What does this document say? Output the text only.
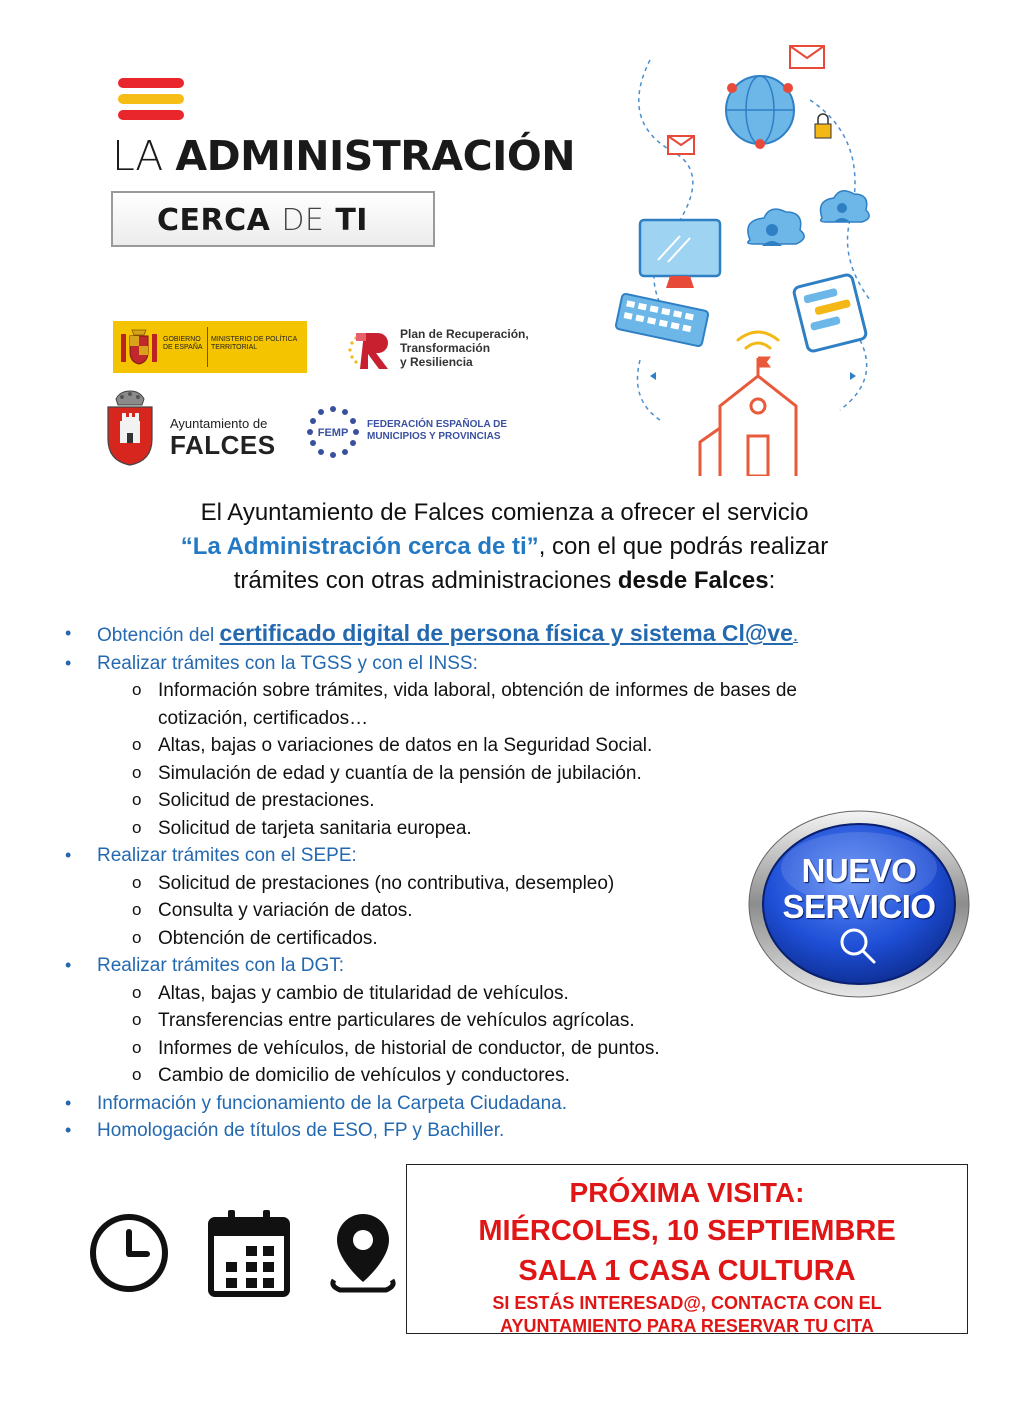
LA ADMINISTRACIÓN
CERCA DE TI
GOBIERNO DE ESPAÑA
MINISTERIO DE POLÍTICA TERRITORIAL
Plan de Recuperación,
Transformación
y Resiliencia
Ayuntamiento de
FALCES	FEMP
FEDERACIÓN ESPAÑOLA DE
MUNICIPIOS Y PROVINCIAS
El Ayuntamiento de Falces comienza a ofrecer el servicio
“La Administración cerca de ti”, con el que podrás realizar
trámites con otras administraciones desde Falces:
• Obtención del certificado digital de persona física y sistema Cl@ve.
• Realizar trámites con la TGSS y con el INSS:
o Información sobre trámites, vida laboral, obtención de informes de bases de cotización, certificados…
o Altas, bajas o variaciones de datos en la Seguridad Social.
o Simulación de edad y cuantía de la pensión de jubilación.
o Solicitud de prestaciones.
o Solicitud de tarjeta sanitaria europea.
• Realizar trámites con el SEPE:
o Solicitud de prestaciones (no contributiva, desempleo)
o Consulta y variación de datos.
o Obtención de certificados.
• Realizar trámites con la DGT:
o Altas, bajas y cambio de titularidad de vehículos.
o Transferencias entre particulares de vehículos agrícolas.
o Informes de vehículos, de historial de conductor, de puntos.
o Cambio de domicilio de vehículos y conductores.
• Información y funcionamiento de la Carpeta Ciudadana.
• Homologación de títulos de ESO, FP y Bachiller.
NUEVO
SERVICIO
PRÓXIMA VISITA:
MIÉRCOLES, 10 SEPTIEMBRE
SALA 1 CASA CULTURA
SI ESTÁS INTERESAD@, CONTACTA CON EL
AYUNTAMIENTO PARA RESERVAR TU CITA
